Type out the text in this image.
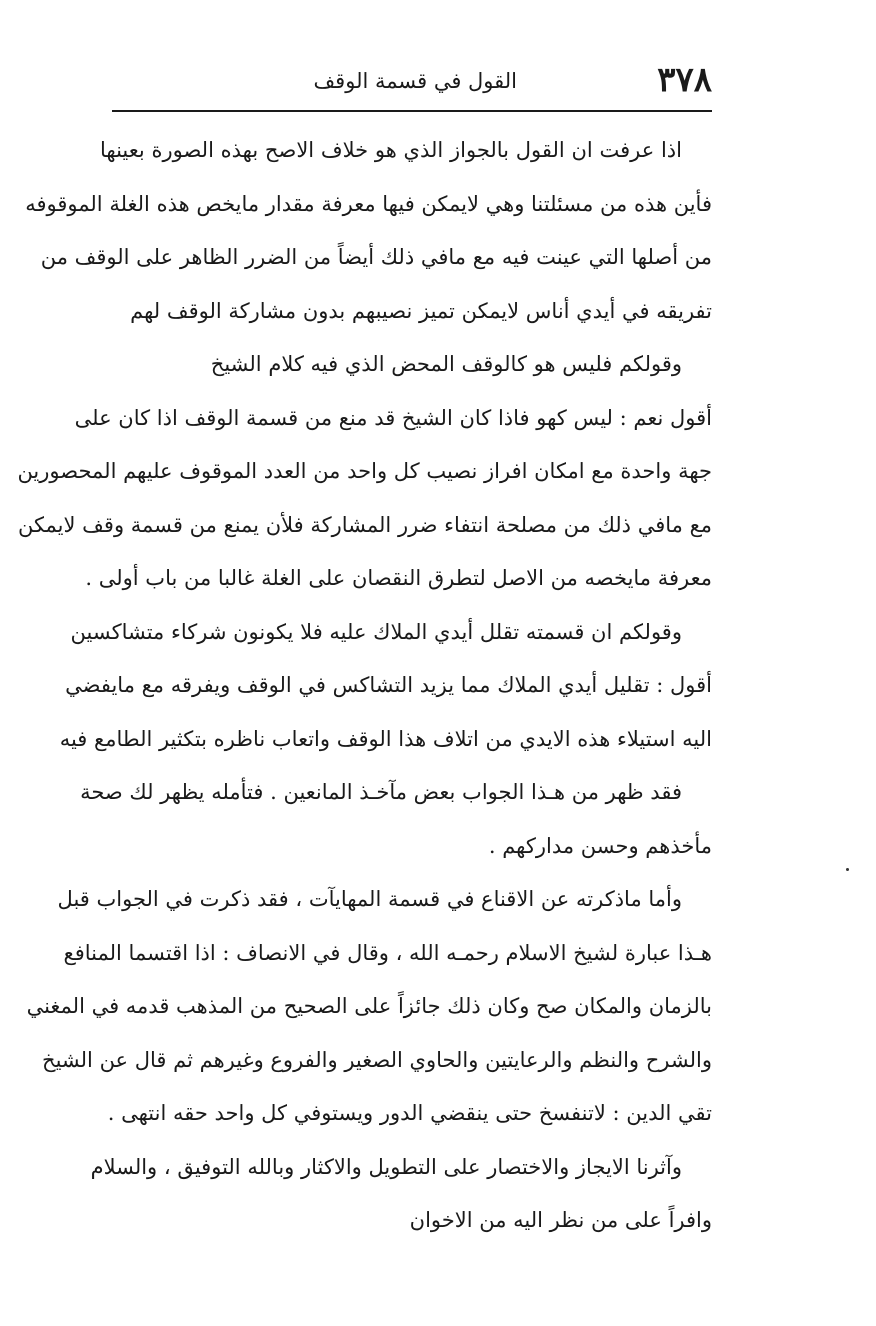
٣٧٨
القول في قسمة الوقف
اذا عرفت ان القول بالجواز الذي هو خلاف الاصح بهذه الصورة بعينها
فأين هذه من مسئلتنا وهي لايمكن فيها معرفة مقدار مايخص هذه الغلة الموقوفه
من أصلها التي عينت فيه مع مافي ذلك أيضاً من الضرر الظاهر على الوقف من
تفريقه في أيدي أناس لايمكن تميز نصيبهم بدون مشاركة الوقف لهم
وقولكم فليس هو كالوقف المحض الذي فيه كلام الشيخ
أقول نعم : ليس كهو فاذا كان الشيخ قد منع من قسمة الوقف اذا كان على
جهة واحدة مع امكان افراز نصيب كل واحد من العدد الموقوف عليهم المحصورين
مع مافي ذلك من مصلحة انتفاء ضرر المشاركة فلأن يمنع من قسمة وقف لايمكن
معرفة مايخصه من الاصل لتطرق النقصان على الغلة غالبا من باب أولى .
وقولكم ان قسمته تقلل أيدي الملاك عليه فلا يكونون شركاء متشاكسين
أقول : تقليل أيدي الملاك مما يزيد التشاكس في الوقف ويفرقه مع مايفضي
اليه استيلاء هذه الايدي من اتلاف هذا الوقف واتعاب ناظره بتكثير الطامع فيه
فقد ظهر من هـذا الجواب بعض مآخـذ المانعين . فتأمله يظهر لك صحة
مأخذهم وحسن مداركهم .
وأما ماذكرته عن الاقناع في قسمة المهايآت ، فقد ذكرت في الجواب قبل
هـذا عبارة لشيخ الاسلام رحمـه الله ، وقال في الانصاف : اذا اقتسما المنافع
بالزمان والمكان صح وكان ذلك جائزاً على الصحيح من المذهب قدمه في المغني
والشرح والنظم والرعايتين والحاوي الصغير والفروع وغيرهم ثم قال عن الشيخ
تقي الدين : لاتنفسخ حتى ينقضي الدور ويستوفي كل واحد حقه انتهى .
وآثرنا الايجاز والاختصار على التطويل والاكثار وبالله التوفيق ، والسلام
وافراً على من نظر اليه من الاخوان
